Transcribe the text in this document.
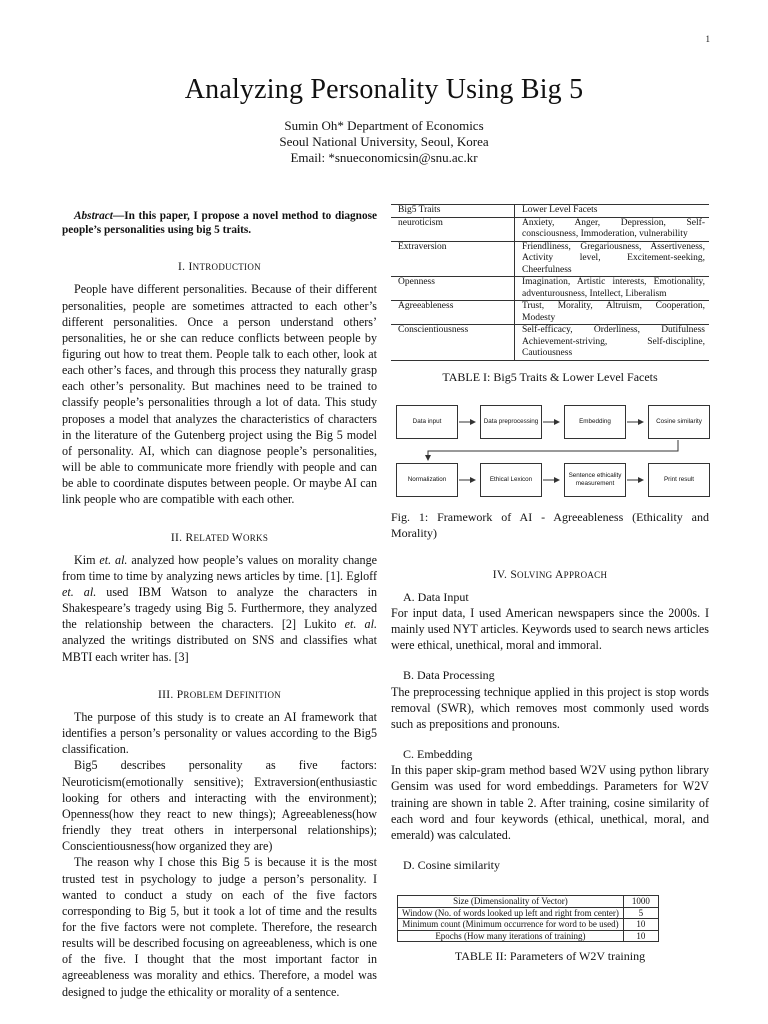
1
Analyzing Personality Using Big 5
Sumin Oh* Department of Economics
Seoul National University, Seoul, Korea
Email: *snueconomicsin@snu.ac.kr

Abstract—In this paper, I propose a novel method to diagnose people’s personalities using big 5 traits.

I. INTRODUCTION

People have different personalities. Because of their different personalities, people are sometimes attracted to each other’s different personalities. Once a person understand others’ personalities, he or she can reduce conflicts between people by figuring out how to treat them. People talk to each other, look at each other’s faces, and through this process they naturally grasp each other’s personality. But machines need to be trained to classify people’s personalities through a lot of data. This study proposes a model that analyzes the characteristics of characters in the literature of the Gutenberg project using the Big 5 model of personality. AI, which can diagnose people’s personalities, will be able to communicate more friendly with people and can be able to coordinate disputes between people. Or maybe AI can link people who are compatible with each other.

II. RELATED WORKS

Kim et. al. analyzed how people’s values on morality change from time to time by analyzing news articles by time. [1]. Egloff et. al. used IBM Watson to analyze the characters in Shakespeare’s tragedy using Big 5. Furthermore, they analyzed the relationship between the characters. [2] Lukito et. al. analyzed the writings distributed on SNS and classifies what MBTI each writer has. [3]

III. PROBLEM DEFINITION

The purpose of this study is to create an AI framework that identifies a person’s personality or values according to the Big5 classification.

Big5 describes personality as five factors: Neuroticism(emotionally sensitive); Extraversion(enthusiastic looking for others and interacting with the environment); Openness(how they react to new things); Agreeableness(how friendly they treat others in interpersonal relationships); Conscientiousness(how organized they are)

The reason why I chose this Big 5 is because it is the most trusted test in psychology to judge a person’s personality. I wanted to conduct a study on each of the five factors corresponding to Big 5, but it took a lot of time and the results for the five factors were not complete. Therefore, the research results will be described focusing on agreeableness, which is one of the five. I thought that the most important factor in agreeableness was morality and ethics. Therefore, a model was designed to judge the ethicality or morality of a sentence.

Big5 Traits	Lower Level Facets
neuroticism	Anxiety, Anger, Depression, Self-consciousness, Immoderation, vulnerability
Extraversion	Friendliness, Gregariousness, Assertiveness, Activity level, Excitement-seeking, Cheerfulness
Openness	Imagination, Artistic interests, Emotionality, adventurousness, Intellect, Liberalism
Agreeableness	Trust, Morality, Altruism, Cooperation, Modesty
Conscientiousness	Self-efficacy, Orderliness, Dutifulness Achievement-striving, Self-discipline, Cautiousness
TABLE I: Big5 Traits & Lower Level Facets
Data input	Data preprocessing	Embedding	Cosine similarity
Normalization	Ethical Lexicon
Sentence ethicality measurement
Print result
Fig. 1: Framework of AI - Agreeableness (Ethicality and Morality)
IV. SOLVING APPROACH
A. Data Input

For input data, I used American newspapers since the 2000s. I mainly used NYT articles. Keywords used to search news articles were ethical, unethical, moral and immoral.

B. Data Processing

The preprocessing technique applied in this project is stop words removal (SWR), which removes most commonly used words such as prepositions and pronouns.

C. Embedding

In this paper skip-gram method based W2V using python library Gensim was used for word embeddings. Parameters for W2V training are shown in table 2. After training, cosine similarity of each word and four keywords (ethical, unethical, moral, and emerald) was calculated.

D. Cosine similarity
Size (Dimensionality of Vector)	1000
Window (No. of words looked up left and right from center)	5
Minimum count (Minimum occurrence for word to be used)	10
Epochs (How many iterations of training)	10
TABLE II: Parameters of W2V training
